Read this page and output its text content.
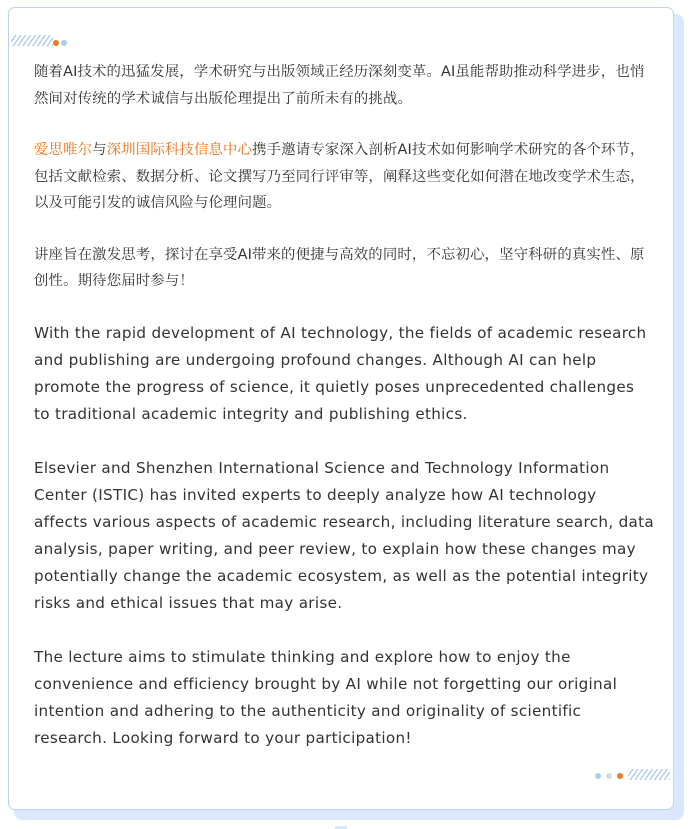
随着AI技术的迅猛发展，学术研究与出版领域正经历深刻变革。AI虽能帮助推动科学进步，也悄然间对传统的学术诚信与出版伦理提出了前所未有的挑战。

爱思唯尔与深圳国际科技信息中心携手邀请专家深入剖析AI技术如何影响学术研究的各个环节，包括文献检索、数据分析、论文撰写乃至同行评审等，阐释这些变化如何潜在地改变学术生态，以及可能引发的诚信风险与伦理问题。

讲座旨在激发思考，探讨在享受AI带来的便捷与高效的同时，不忘初心，坚守科研的真实性、原创性。期待您届时参与！

With the rapid development of AI technology, the fields of academic research and publishing are undergoing profound changes. Although AI can help promote the progress of science, it quietly poses unprecedented challenges to traditional academic integrity and publishing ethics.

Elsevier and Shenzhen International Science and Technology Information Center (ISTIC) has invited experts to deeply analyze how AI technology affects various aspects of academic research, including literature search, data analysis, paper writing, and peer review, to explain how these changes may potentially change the academic ecosystem, as well as the potential integrity risks and ethical issues that may arise.

The lecture aims to stimulate thinking and explore how to enjoy the convenience and efficiency brought by AI while not forgetting our original intention and adhering to the authenticity and originality of scientific research. Looking forward to your participation!
